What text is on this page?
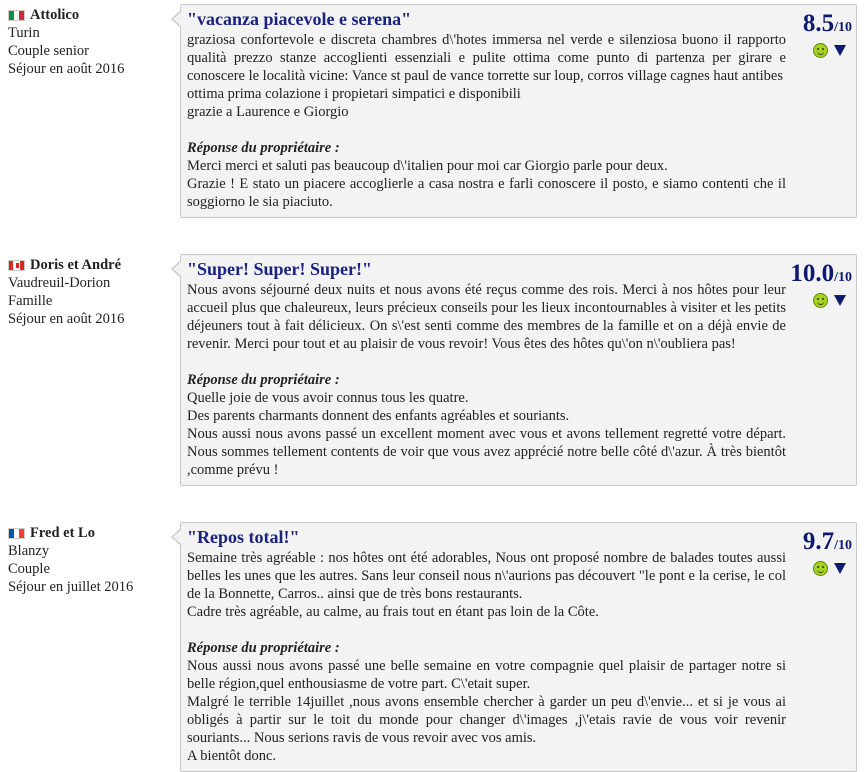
Attolico
Turin
Couple senior
Séjour en août 2016
"vacanza piacevole e serena"
graziosa confortevole e discreta chambres d\'hotes immersa nel verde e silenziosa buono il rapporto qualità prezzo stanze accoglienti essenziali e pulite ottima come punto di partenza per girare e conoscere le località vicine: Vance st paul de vance torrette sur loup, corros village cagnes haut antibes
ottima prima colazione i propietari simpatici e disponibili
grazie a Laurence e Giorgio
Réponse du propriétaire :
Merci merci et saluti pas beaucoup d\'italien pour moi car Giorgio parle pour deux.
Grazie ! E stato un piacere accoglierle a casa nostra e farli conoscere il posto, e siamo contenti che il soggiorno le sia piaciuto.
8.5/10
Doris et André
Vaudreuil-Dorion
Famille
Séjour en août 2016
"Super! Super! Super!"
Nous avons séjourné deux nuits et nous avons été reçus comme des rois. Merci à nos hôtes pour leur accueil plus que chaleureux, leurs précieux conseils pour les lieux incontournables à visiter et les petits déjeuners tout à fait délicieux. On s\'est senti comme des membres de la famille et on a déjà envie de revenir. Merci pour tout et au plaisir de vous revoir! Vous êtes des hôtes qu\'on n\'oubliera pas!
Réponse du propriétaire :
Quelle joie de vous avoir connus tous les quatre.
Des parents charmants donnent des enfants agréables et souriants.
Nous aussi nous avons passé un excellent moment avec vous et avons tellement regretté votre départ. Nous sommes tellement contents de voir que vous avez apprécié notre belle côté d\'azur. À très bientôt ,comme prévu !
10.0/10
Fred et Lo
Blanzy
Couple
Séjour en juillet 2016
"Repos total!"
Semaine très agréable : nos hôtes ont été adorables, Nous ont proposé nombre de balades toutes aussi belles les unes que les autres. Sans leur conseil nous n\'aurions pas découvert "le pont e la cerise, le col de la Bonnette, Carros.. ainsi que de très bons restaurants.
Cadre très agréable, au calme, au frais tout en étant pas loin de la Côte.
Réponse du propriétaire :
Nous aussi nous avons passé une belle semaine en votre compagnie quel plaisir de partager notre si belle région,quel enthousiasme de votre part. C\'etait super.
Malgré le terrible 14juillet ,nous avons ensemble chercher à garder un peu d\'envie... et si je vous ai obligés à partir sur le toit du monde pour changer d\'images ,j\'etais ravie de vous voir revenir souriants... Nous serions ravis de vous revoir avec vos amis.
A bientôt donc.
9.7/10
